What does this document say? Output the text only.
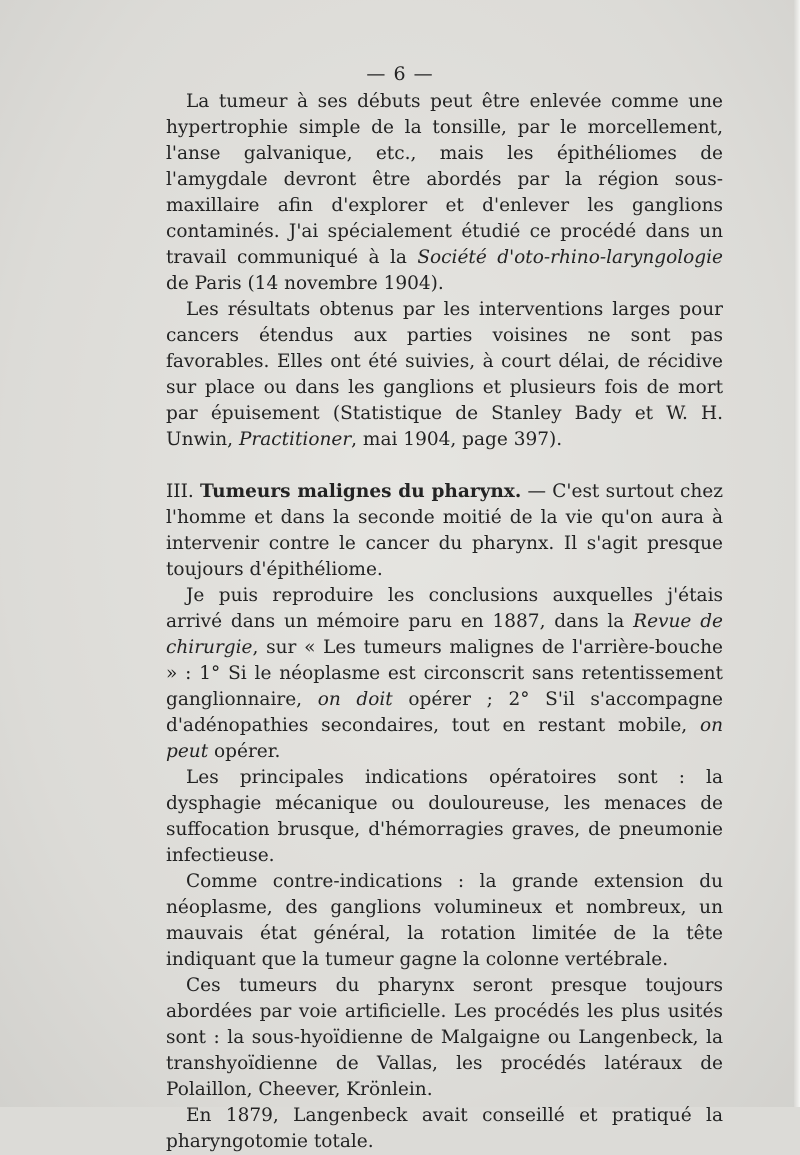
— 6 —

La tumeur à ses débuts peut être enlevée comme une hypertrophie simple de la tonsille, par le morcellement, l'anse galvanique, etc., mais les épithéliomes de l'amygdale devront être abordés par la région sous-maxillaire afin d'explorer et d'enlever les ganglions contaminés. J'ai spécialement étudié ce procédé dans un travail communiqué à la Société d'oto-rhino-laryngologie de Paris (14 novembre 1904).

Les résultats obtenus par les interventions larges pour cancers étendus aux parties voisines ne sont pas favorables. Elles ont été suivies, à court délai, de récidive sur place ou dans les ganglions et plusieurs fois de mort par épuisement (Statistique de Stanley Bady et W. H. Unwin, Practitioner, mai 1904, page 397).

III. Tumeurs malignes du pharynx. — C'est surtout chez l'homme et dans la seconde moitié de la vie qu'on aura à intervenir contre le cancer du pharynx. Il s'agit presque toujours d'épithéliome.

Je puis reproduire les conclusions auxquelles j'étais arrivé dans un mémoire paru en 1887, dans la Revue de chirurgie, sur « Les tumeurs malignes de l'arrière-bouche » : 1° Si le néoplasme est circonscrit sans retentissement ganglionnaire, on doit opérer ; 2° S'il s'accompagne d'adénopathies secondaires, tout en restant mobile, on peut opérer.

Les principales indications opératoires sont : la dysphagie mécanique ou douloureuse, les menaces de suffocation brusque, d'hémorragies graves, de pneumonie infectieuse.

Comme contre-indications : la grande extension du néoplasme, des ganglions volumineux et nombreux, un mauvais état général, la rotation limitée de la tête indiquant que la tumeur gagne la colonne vertébrale.

Ces tumeurs du pharynx seront presque toujours abordées par voie artificielle. Les procédés les plus usités sont : la sous-hyoïdienne de Malgaigne ou Langenbeck, la transhyoïdienne de Vallas, les procédés latéraux de Polaillon, Cheever, Krönlein.

En 1879, Langenbeck avait conseillé et pratiqué la pharyngotomie totale.
